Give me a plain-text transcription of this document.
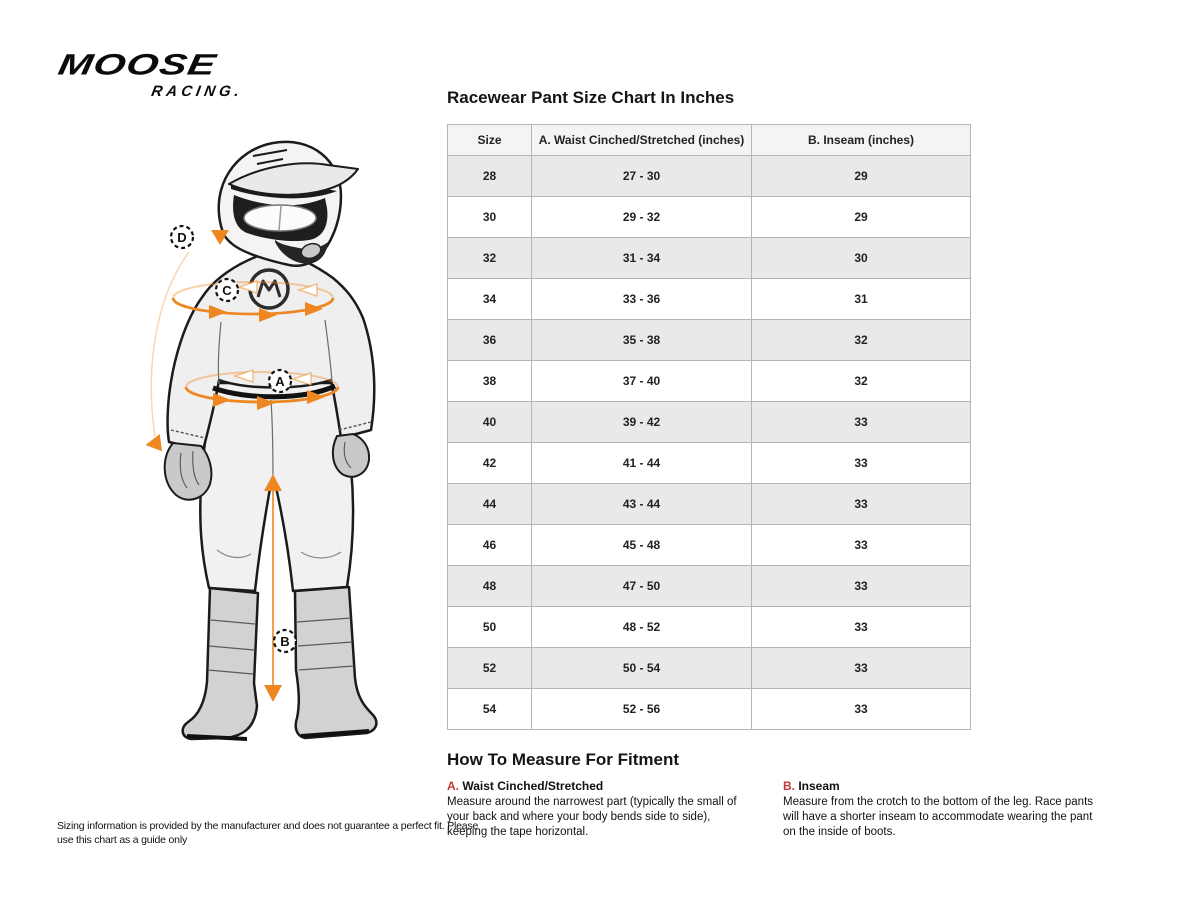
MOOSE
RACING.
D
C
A
B
Racewear Pant Size Chart In Inches
Size	A. Waist Cinched/Stretched (inches)	B. Inseam (inches)
28	27 - 30	29
30	29 - 32	29
32	31 - 34	30
34	33 - 36	31
36	35 - 38	32
38	37 - 40	32
40	39 - 42	33
42	41 - 44	33
44	43 - 44	33
46	45 - 48	33
48	47 - 50	33
50	48 - 52	33
52	50 - 54	33
54	52 - 56	33
How To Measure For Fitment
A. Waist Cinched/Stretched

Measure around the narrowest part (typically the small of your back and where your body bends side to side), keeping the tape horizontal.

B. Inseam

Measure from the crotch to the bottom of the leg. Race pants will have a shorter inseam to accommodate wearing the pant on the inside of boots.

Sizing information is provided by the manufacturer and does not guarantee a perfect fit. Please use this chart as a guide only
